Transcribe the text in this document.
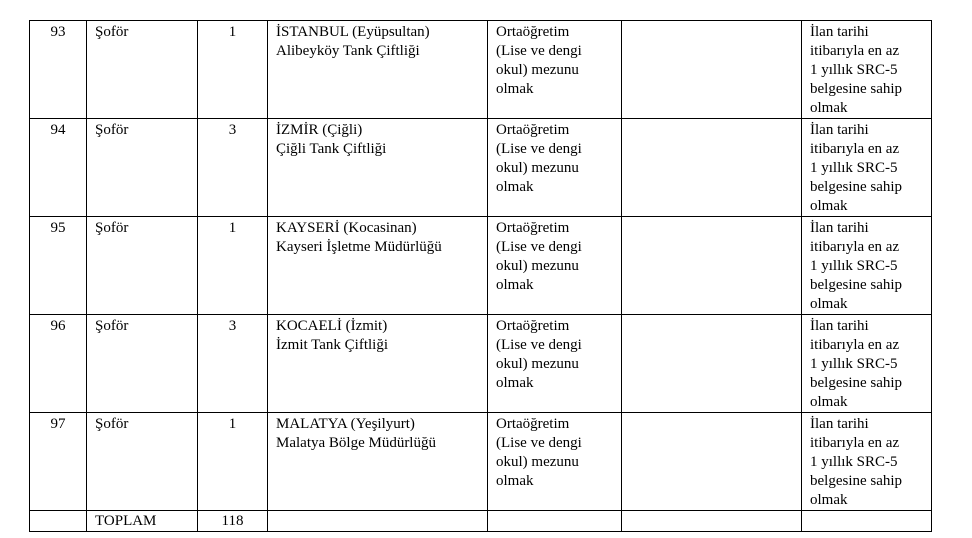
93	Şoför	1	İSTANBUL (Eyüpsultan)
Alibeyköy Tank Çiftliği	Ortaöğretim
(Lise ve dengi
okul) mezunu
olmak		İlan tarihi
itibarıyla en az
1 yıllık SRC-5
belgesine sahip
olmak
94	Şoför	3	İZMİR (Çiğli)
Çiğli Tank Çiftliği	Ortaöğretim
(Lise ve dengi
okul) mezunu
olmak		İlan tarihi
itibarıyla en az
1 yıllık SRC-5
belgesine sahip
olmak
95	Şoför	1	KAYSERİ (Kocasinan)
Kayseri İşletme Müdürlüğü	Ortaöğretim
(Lise ve dengi
okul) mezunu
olmak		İlan tarihi
itibarıyla en az
1 yıllık SRC-5
belgesine sahip
olmak
96	Şoför	3	KOCAELİ (İzmit)
İzmit Tank Çiftliği	Ortaöğretim
(Lise ve dengi
okul) mezunu
olmak		İlan tarihi
itibarıyla en az
1 yıllık SRC-5
belgesine sahip
olmak
97	Şoför	1	MALATYA (Yeşilyurt)
Malatya Bölge Müdürlüğü	Ortaöğretim
(Lise ve dengi
okul) mezunu
olmak		İlan tarihi
itibarıyla en az
1 yıllık SRC-5
belgesine sahip
olmak
	TOPLAM	118				
